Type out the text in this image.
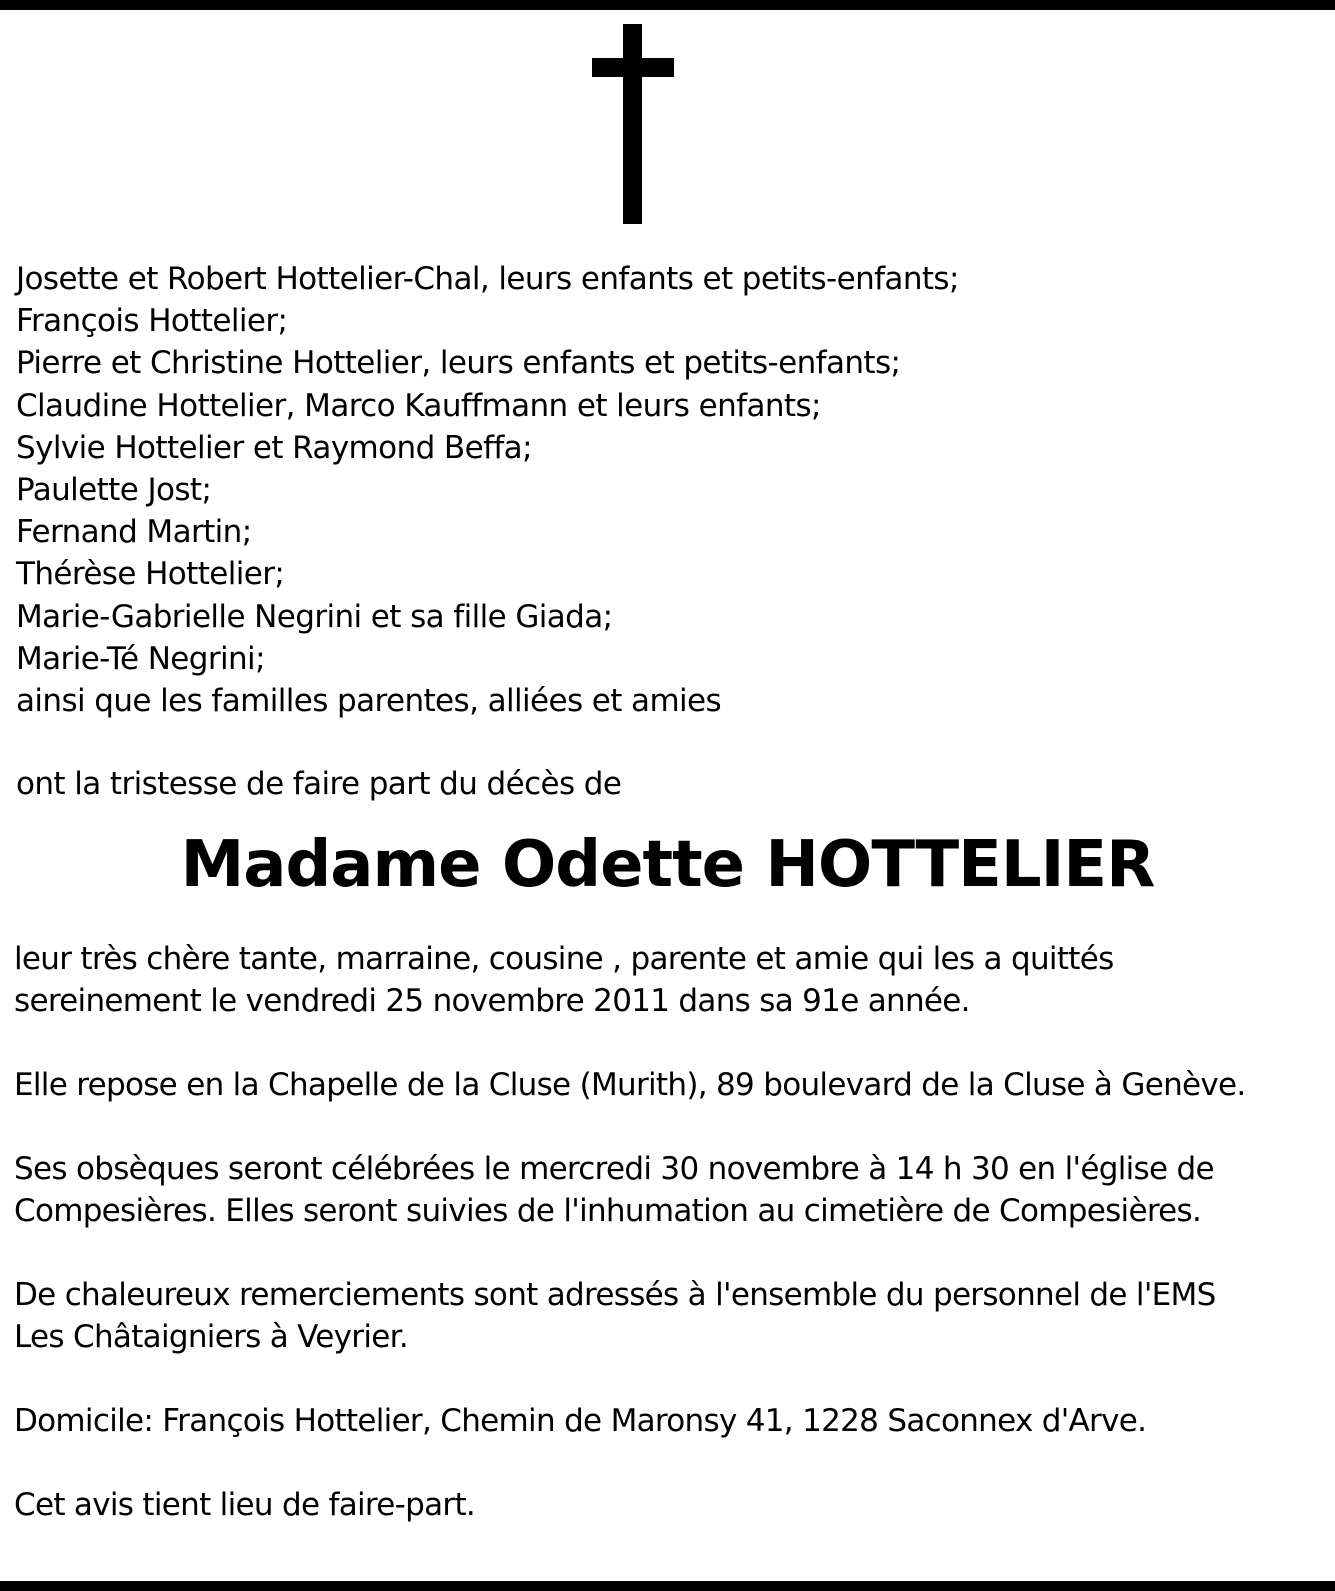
Josette et Robert Hottelier-Chal, leurs enfants et petits-enfants;
François Hottelier;
Pierre et Christine Hottelier, leurs enfants et petits-enfants;
Claudine Hottelier, Marco Kauffmann et leurs enfants;
Sylvie Hottelier et Raymond Beffa;
Paulette Jost;
Fernand Martin;
Thérèse Hottelier;
Marie-Gabrielle Negrini et sa fille Giada;
Marie-Té Negrini;
ainsi que les familles parentes, alliées et amies

ont la tristesse de faire part du décès de

Madame Odette HOTTELIER

leur très chère tante, marraine, cousine , parente et amie qui les a quittés
sereinement le vendredi 25 novembre 2011 dans sa 91e année.

Elle repose en la Chapelle de la Cluse (Murith), 89 boulevard de la Cluse à Genève.

Ses obsèques seront célébrées le mercredi 30 novembre à 14 h 30 en l'église de
Compesières. Elles seront suivies de l'inhumation au cimetière de Compesières.

De chaleureux remerciements sont adressés à l'ensemble du personnel de l'EMS
Les Châtaigniers à Veyrier.

Domicile: François Hottelier, Chemin de Maronsy 41, 1228 Saconnex d'Arve.

Cet avis tient lieu de faire-part.
